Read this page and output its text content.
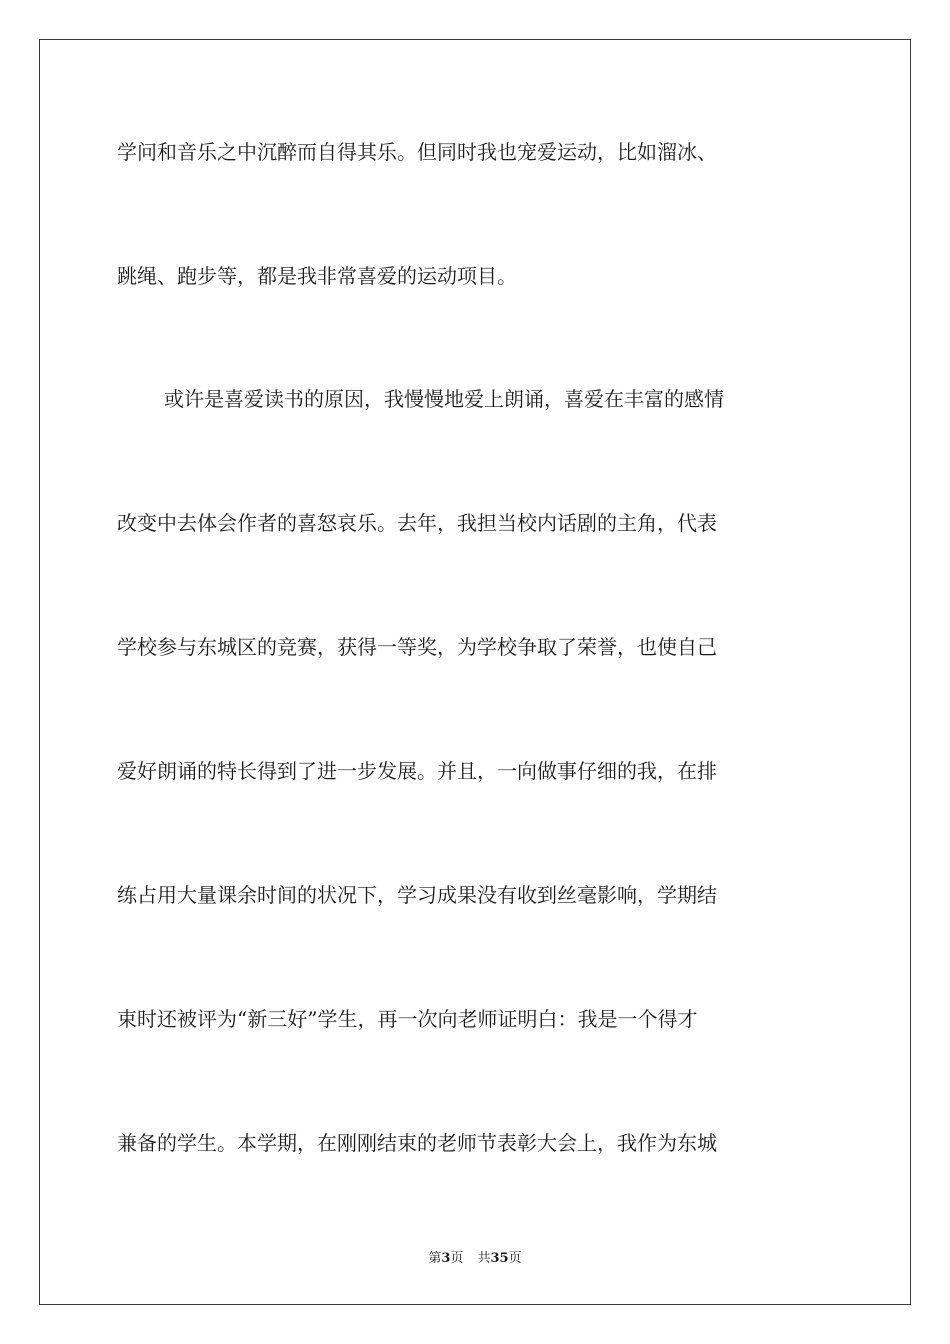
学问和音乐之中沉醉而自得其乐。但同时我也宠爱运动，比如溜冰、
跳绳、跑步等，都是我非常喜爱的运动项目。
或许是喜爱读书的原因，我慢慢地爱上朗诵，喜爱在丰富的感情
改变中去体会作者的喜怒哀乐。去年，我担当校内话剧的主角，代表
学校参与东城区的竞赛，获得一等奖，为学校争取了荣誉，也使自己
爱好朗诵的特长得到了进一步发展。并且，一向做事仔细的我，在排
练占用大量课余时间的状况下，学习成果没有收到丝毫影响，学期结
束时还被评为“新三好”学生，再一次向老师证明白：我是一个得才
兼备的学生。本学期，在刚刚结束的老师节表彰大会上，我作为东城
第3页 共35页
